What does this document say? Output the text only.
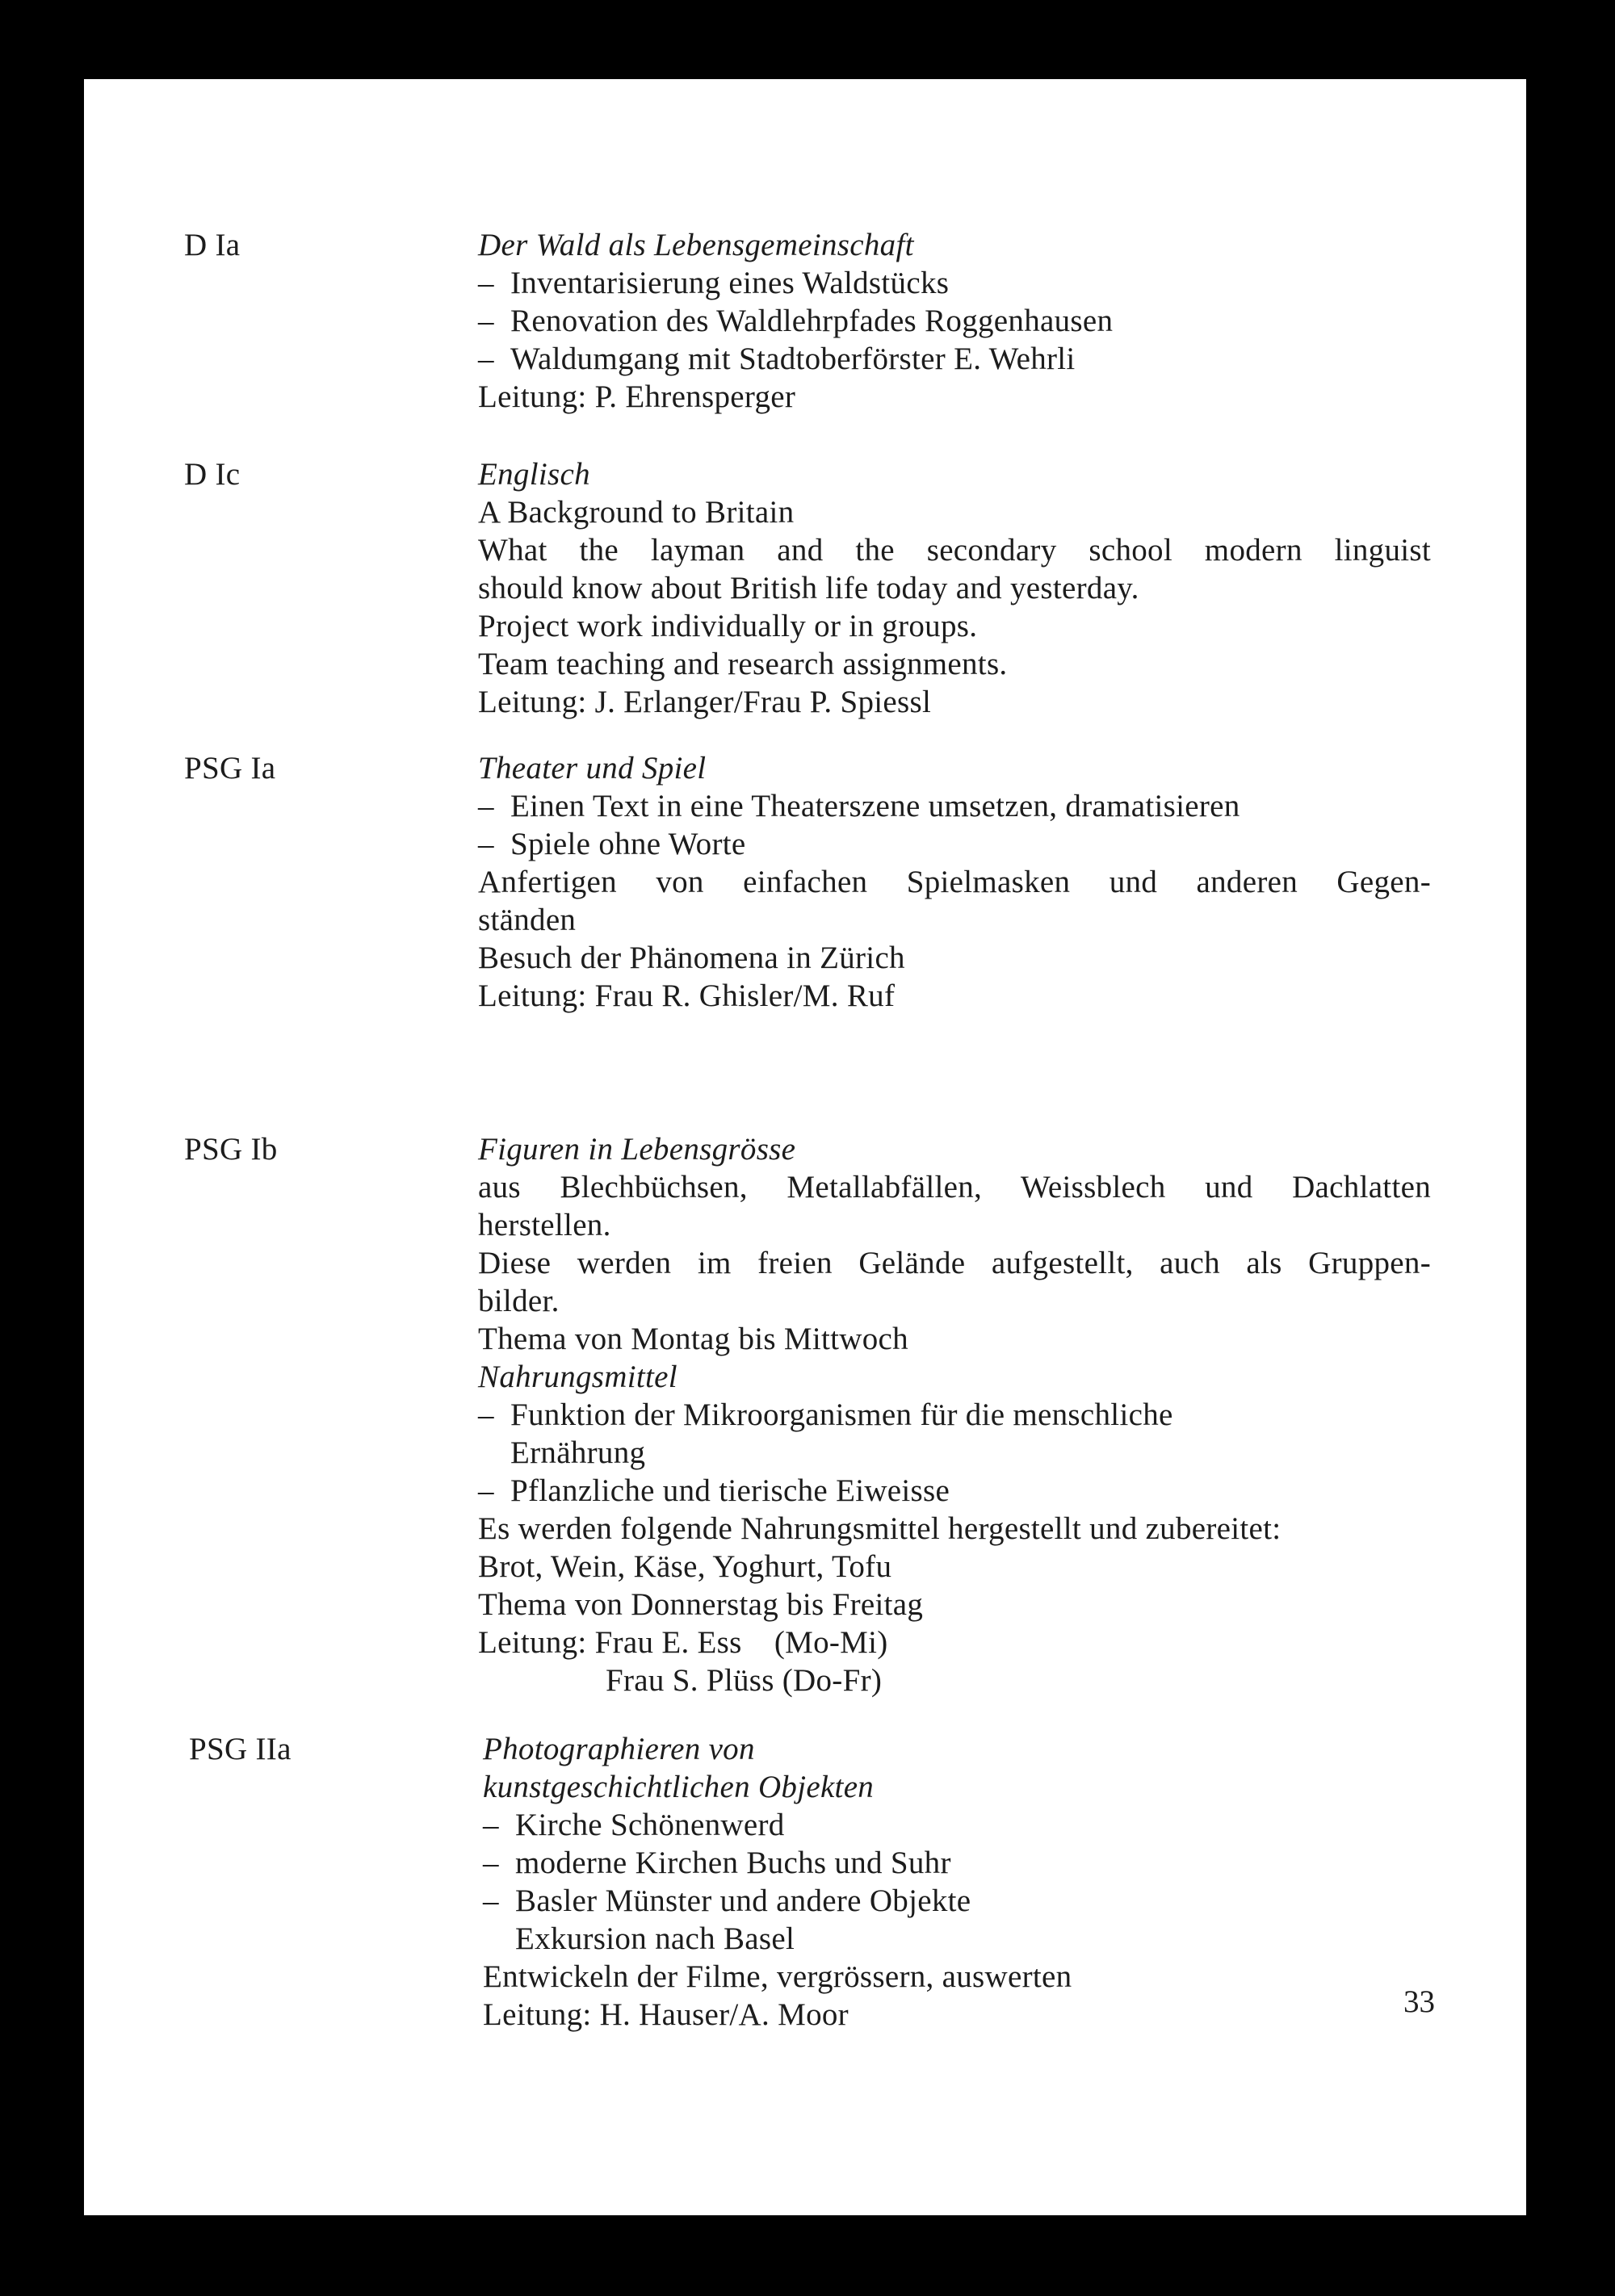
D Ia	Der Wald als Lebensgemeinschaft
– Inventarisierung eines Waldstücks
– Renovation des Waldlehrpfades Roggenhausen
– Waldumgang mit Stadtoberförster E. Wehrli
Leitung: P. Ehrensperger
D Ic	Englisch
A Background to Britain
What the layman and the secondary school modern linguist
should know about British life today and yesterday.
Project work individually or in groups.
Team teaching and research assignments.
Leitung: J. Erlanger/Frau P. Spiessl
PSG Ia	Theater und Spiel
– Einen Text in eine Theaterszene umsetzen, dramatisieren
– Spiele ohne Worte
Anfertigen von einfachen Spielmasken und anderen Gegen-
ständen
Besuch der Phänomena in Zürich
Leitung: Frau R. Ghisler/M. Ruf
PSG Ib	Figuren in Lebensgrösse
aus Blechbüchsen, Metallabfällen, Weissblech und Dachlatten
herstellen.
Diese werden im freien Gelände aufgestellt, auch als Gruppen-
bilder.
Thema von Montag bis Mittwoch
Nahrungsmittel
– Funktion der Mikroorganismen für die menschliche
Ernährung
– Pflanzliche und tierische Eiweisse
Es werden folgende Nahrungsmittel hergestellt und zubereitet:
Brot, Wein, Käse, Yoghurt, Tofu
Thema von Donnerstag bis Freitag
Leitung: Frau E. Ess    (Mo-Mi)
Frau S. Plüss (Do-Fr)
PSG IIa	Photographieren von
kunstgeschichtlichen Objekten
– Kirche Schönenwerd
– moderne Kirchen Buchs und Suhr
– Basler Münster und andere Objekte
Exkursion nach Basel
Entwickeln der Filme, vergrössern, auswerten
Leitung: H. Hauser/A. Moor	33
